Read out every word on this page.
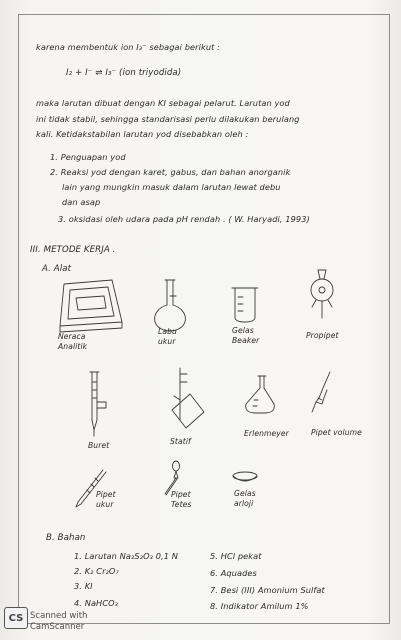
karena membentuk ion I₃⁻ sebagai berikut :
I₂ + I⁻ ⇌ I₃⁻ (ion triyodida)
maka larutan dibuat dengan KI sebagai pelarut. Larutan yod
ini tidak stabil, sehingga standarisasi perlu dilakukan berulang
kali. Ketidakstabilan larutan yod disebabkan oleh :
1. Penguapan yod
2. Reaksi yod dengan karet, gabus, dan bahan anorganik
lain yang mungkin masuk dalam larutan lewat debu
dan asap
3. oksidasi oleh udara pada pH rendah . ( W. Haryadi, 1993)
III. METODE KERJA .
A. Alat
Neraca Analitik
Labu ukur
Gelas Beaker
Propipet
Buret	Statif
Erlenmeyer	Pipet volume
Pipet ukur
Pipet Tetes
Gelas arloji
B. Bahan
1. Larutan Na₂S₂O₃ 0,1 N
2. K₂ Cr₂O₇
3. KI
4. NaHCO₃
5. HCl pekat
6. Aquades
7. Besi (III) Amonium Sulfat
8. Indikator Amilum 1%
CS Scanned with
CamScanner
